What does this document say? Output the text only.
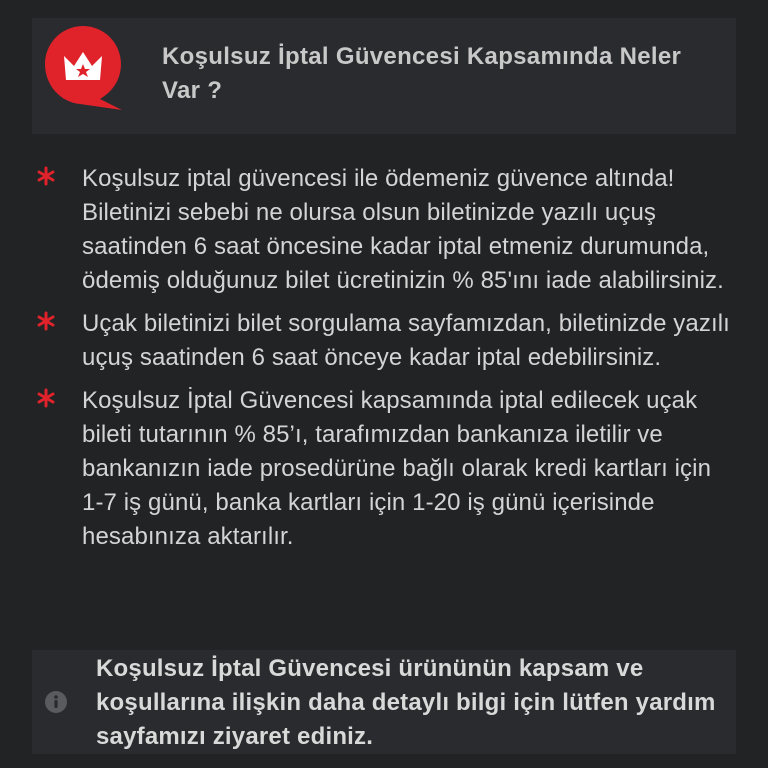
Koşulsuz İptal Güvencesi Kapsamında Neler Var ?
Koşulsuz iptal güvencesi ile ödemeniz güvence altında! Biletinizi sebebi ne olursa olsun biletinizde yazılı uçuş saatinden 6 saat öncesine kadar iptal etmeniz durumunda, ödemiş olduğunuz bilet ücretinizin % 85'ını iade alabilirsiniz.
Uçak biletinizi bilet sorgulama sayfamızdan, biletinizde yazılı uçuş saatinden 6 saat önceye kadar iptal edebilirsiniz.
Koşulsuz İptal Güvencesi kapsamında iptal edilecek uçak bileti tutarının % 85’ı, tarafımızdan bankanıza iletilir ve bankanızın iade prosedürüne bağlı olarak kredi kartları için 1-7 iş günü, banka kartları için 1-20 iş günü içerisinde hesabınıza aktarılır.
Koşulsuz İptal Güvencesi ürününün kapsam ve koşullarına ilişkin daha detaylı bilgi için lütfen yardım sayfamızı ziyaret ediniz.
